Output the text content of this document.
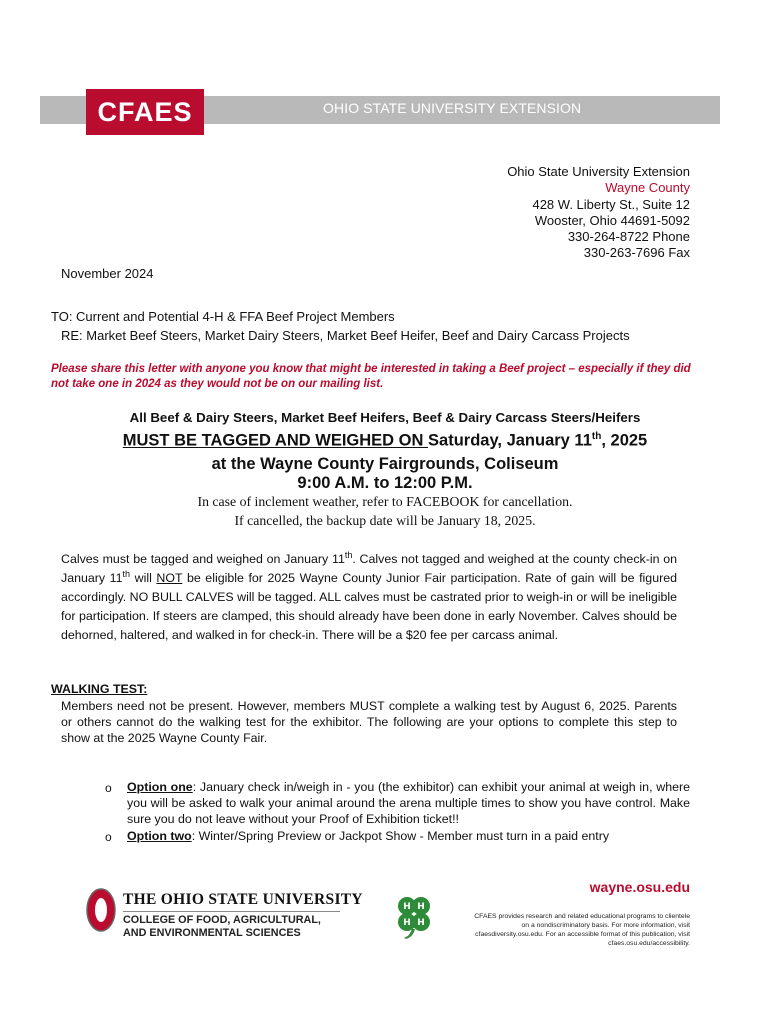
OHIO STATE UNIVERSITY EXTENSION
CFAES
Ohio State University Extension
Wayne County
428 W. Liberty St., Suite 12
Wooster, Ohio 44691-5092
330-264-8722 Phone
330-263-7696 Fax
November 2024
TO: Current and Potential 4-H & FFA Beef Project Members
RE: Market Beef Steers, Market Dairy Steers, Market Beef Heifer, Beef and Dairy Carcass Projects
Please share this letter with anyone you know that might be interested in taking a Beef project – especially if they did not take one in 2024 as they would not be on our mailing list.
All Beef & Dairy Steers, Market Beef Heifers, Beef & Dairy Carcass Steers/Heifers
MUST BE TAGGED AND WEIGHED ON Saturday, January 11th, 2025
at the Wayne County Fairgrounds, Coliseum
9:00 A.M. to 12:00 P.M.
In case of inclement weather, refer to FACEBOOK for cancellation.
If cancelled, the backup date will be January 18, 2025.
Calves must be tagged and weighed on January 11th. Calves not tagged and weighed at the county check-in on January 11th will NOT be eligible for 2025 Wayne County Junior Fair participation. Rate of gain will be figured accordingly. NO BULL CALVES will be tagged. ALL calves must be castrated prior to weigh-in or will be ineligible for participation. If steers are clamped, this should already have been done in early November. Calves should be dehorned, haltered, and walked in for check-in. There will be a $20 fee per carcass animal.
WALKING TEST:
Members need not be present. However, members MUST complete a walking test by August 6, 2025. Parents or others cannot do the walking test for the exhibitor. The following are your options to complete this step to show at the 2025 Wayne County Fair.
o Option one: January check in/weigh in - you (the exhibitor) can exhibit your animal at weigh in, where you will be asked to walk your animal around the arena multiple times to show you have control. Make sure you do not leave without your Proof of Exhibition ticket!!
o Option two: Winter/Spring Preview or Jackpot Show - Member must turn in a paid entry
THE OHIO STATE UNIVERSITY
COLLEGE OF FOOD, AGRICULTURAL,
AND ENVIRONMENTAL SCIENCES
H H
H H
wayne.osu.edu
CFAES provides research and related educational programs to clientele on a nondiscriminatory basis. For more information, visit cfaesdiversity.osu.edu. For an accessible format of this publication, visit cfaes.osu.edu/accessibility.
